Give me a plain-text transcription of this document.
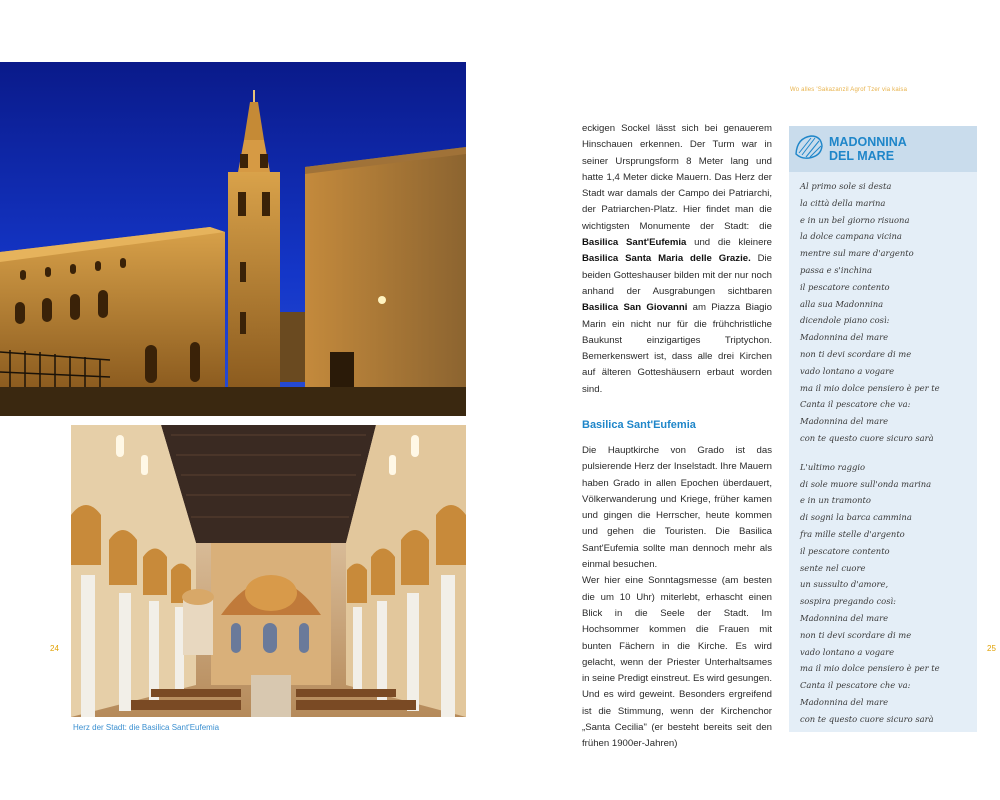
Wo alles 'Sakazanzil Agrof Tzer via kaisa
Herz der Stadt: die Basilica Sant'Eufemia
24	25

eckigen Sockel lässt sich bei genauerem Hinschauen erkennen. Der Turm war in seiner Ursprungsform 8 Meter lang und hatte 1,4 Meter dicke Mauern. Das Herz der Stadt war damals der Campo dei Patriarchi, der Patriarchen-Platz. Hier findet man die wichtigsten Monumente der Stadt: die Basilica Sant'Eufemia und die kleinere Basilica Santa Maria delle Grazie. Die beiden Gotteshauser bilden mit der nur noch anhand der Ausgrabungen sichtbaren Basilica San Giovanni am Piazza Biagio Marin ein nicht nur für die frühchristliche Baukunst einzigartiges Triptychon. Bemerkenswert ist, dass alle drei Kirchen auf älteren Gotteshäusern erbaut worden sind.

Basilica Sant'Eufemia

Die Hauptkirche von Grado ist das pulsierende Herz der Inselstadt. Ihre Mauern haben Grado in allen Epochen überdauert, Völkerwanderung und Kriege, früher kamen und gingen die Herrscher, heute kommen und gehen die Touristen. Die Basilica Sant'Eufemia sollte man dennoch mehr als einmal besuchen.

Wer hier eine Sonntagsmesse (am besten die um 10 Uhr) miterlebt, erhascht einen Blick in die Seele der Stadt. Im Hochsommer kommen die Frauen mit bunten Fächern in die Kirche. Es wird gelacht, wenn der Priester Unterhaltsames in seine Predigt einstreut. Es wird gesungen. Und es wird geweint. Besonders ergreifend ist die Stimmung, wenn der Kirchenchor „Santa Cecilia" (er besteht bereits seit den frühen 1900er-Jahren)

MADONNINA
DEL MARE
Al primo sole si desta
la città della marina
e in un bel giorno risuona
la dolce campana vicina
mentre sul mare d'argento
passa e s'inchina
il pescatore contento
alla sua Madonnina
dicendole piano così:
Madonnina del mare
non ti devi scordare di me
vado lontano a vogare
ma il mio dolce pensiero è per te
Canta il pescatore che va:
Madonnina del mare
con te questo cuore sicuro sarà
L'ultimo raggio
di sole muore sull'onda marina
e in un tramonto
di sogni la barca cammina
fra mille stelle d'argento
il pescatore contento
sente nel cuore
un sussulto d'amore,
sospira pregando così:
Madonnina del mare
non ti devi scordare di me
vado lontano a vogare
ma il mio dolce pensiero è per te
Canta il pescatore che va:
Madonnina del mare
con te questo cuore sicuro sarà
